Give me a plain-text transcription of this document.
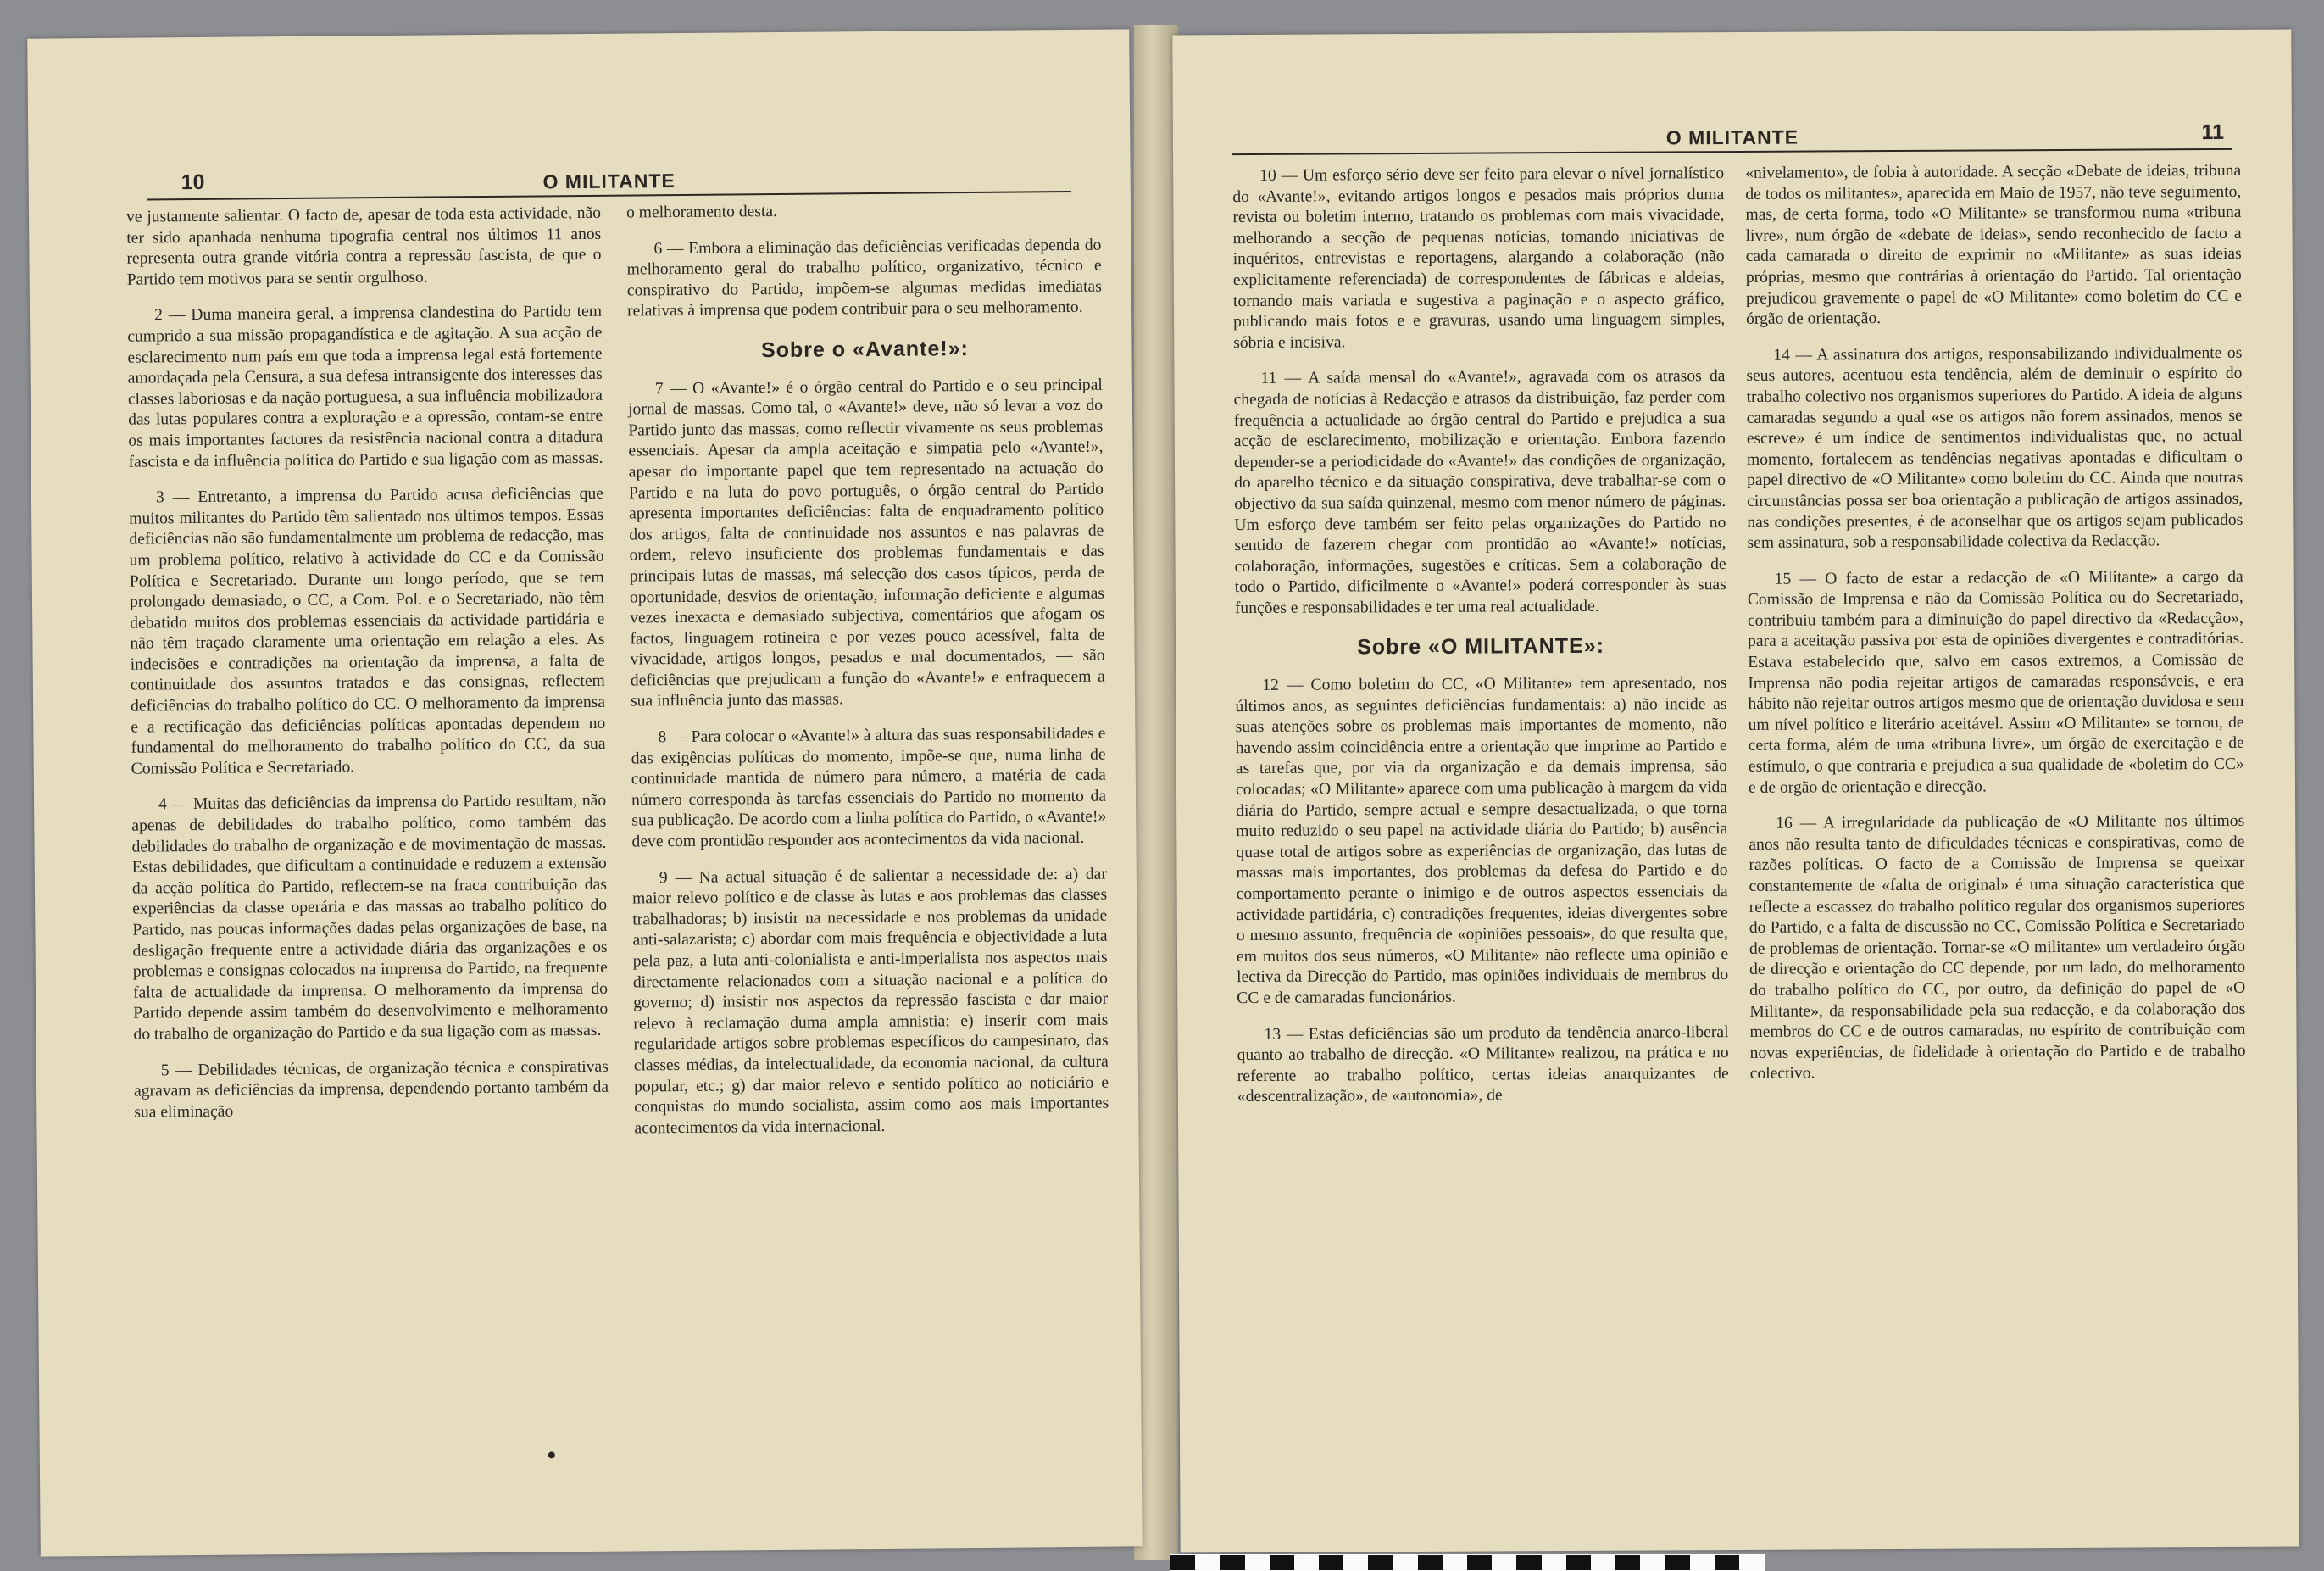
10	O MILITANTE

ve justamente salientar. O facto de, apesar de toda esta actividade, não ter sido apanhada nenhuma tipografia central nos últimos 11 anos representa outra grande vitória contra a repressão fascista, de que o Partido tem motivos para se sentir orgulhoso.

2 — Duma maneira geral, a imprensa clandestina do Partido tem cumprido a sua missão propagandística e de agitação. A sua acção de esclarecimento num país em que toda a imprensa legal está fortemente amordaçada pela Censura, a sua defesa intransigente dos interesses das classes laboriosas e da nação portuguesa, a sua influência mobilizadora das lutas populares contra a exploração e a opressão, contam-se entre os mais importantes factores da resistência nacional contra a ditadura fascista e da influência política do Partido e sua ligação com as massas.

3 — Entretanto, a imprensa do Partido acusa deficiências que muitos militantes do Partido têm salientado nos últimos tempos. Essas deficiências não são fundamentalmente um problema de redacção, mas um problema político, relativo à actividade do CC e da Comissão Política e Secretariado. Durante um longo período, que se tem prolongado demasiado, o CC, a Com. Pol. e o Secretariado, não têm debatido muitos dos problemas essenciais da actividade partidária e não têm traçado claramente uma orientação em relação a eles. As indecisões e contradições na orientação da imprensa, a falta de continuidade dos assuntos tratados e das consignas, reflectem deficiências do trabalho político do CC. O melhoramento da imprensa e a rectificação das deficiências políticas apontadas dependem no fundamental do melhoramento do trabalho político do CC, da sua Comissão Política e Secretariado.

4 — Muitas das deficiências da imprensa do Partido resultam, não apenas de debilidades do trabalho político, como também das debilidades do trabalho de organização e de movimentação de massas. Estas debilidades, que dificultam a continuidade e reduzem a extensão da acção política do Partido, reflectem-se na fraca contribuição das experiências da classe operária e das massas ao trabalho político do Partido, nas poucas informações dadas pelas organizações de base, na desligação frequente entre a actividade diária das organizações e os problemas e consignas colocados na imprensa do Partido, na frequente falta de actualidade da imprensa. O melhoramento da imprensa do Partido depende assim também do desenvolvimento e melhoramento do trabalho de organização do Partido e da sua ligação com as massas.

5 — Debilidades técnicas, de organização técnica e conspirativas agravam as deficiências da imprensa, dependendo portanto também da sua eliminação

o melhoramento desta.

6 — Embora a eliminação das deficiências verificadas dependa do melhoramento geral do trabalho político, organizativo, técnico e conspirativo do Partido, impõem-se algumas medidas imediatas relativas à imprensa que podem contribuir para o seu melhoramento.

Sobre o «Avante!»:

7 — O «Avante!» é o órgão central do Partido e o seu principal jornal de massas. Como tal, o «Avante!» deve, não só levar a voz do Partido junto das massas, como reflectir vivamente os seus problemas essenciais. Apesar da ampla aceitação e simpatia pelo «Avante!», apesar do importante papel que tem representado na actuação do Partido e na luta do povo português, o órgão central do Partido apresenta importantes deficiências: falta de enquadramento político dos artigos, falta de continuidade nos assuntos e nas palavras de ordem, relevo insuficiente dos problemas fundamentais e das principais lutas de massas, má selecção dos casos típicos, perda de oportunidade, desvios de orientação, informação deficiente e algumas vezes inexacta e demasiado subjectiva, comentários que afogam os factos, linguagem rotineira e por vezes pouco acessível, falta de vivacidade, artigos longos, pesados e mal documentados, — são deficiências que prejudicam a função do «Avante!» e enfraquecem a sua influência junto das massas.

8 — Para colocar o «Avante!» à altura das suas responsabilidades e das exigências políticas do momento, impõe-se que, numa linha de continuidade mantida de número para número, a matéria de cada número corresponda às tarefas essenciais do Partido no momento da sua publicação. De acordo com a linha política do Partido, o «Avante!» deve com prontidão responder aos acontecimentos da vida nacional.

9 — Na actual situação é de salientar a necessidade de: a) dar maior relevo político e de classe às lutas e aos problemas das classes trabalhadoras; b) insistir na necessidade e nos problemas da unidade anti-salazarista; c) abordar com mais frequência e objectividade a luta pela paz, a luta anti-colonialista e anti-imperialista nos aspectos mais directamente relacionados com a situação nacional e a política do governo; d) insistir nos aspectos da repressão fascista e dar maior relevo à reclamação duma ampla amnistia; e) inserir com mais regularidade artigos sobre problemas específicos do campesinato, das classes médias, da intelectualidade, da economia nacional, da cultura popular, etc.; g) dar maior relevo e sentido político ao noticiário e conquistas do mundo socialista, assim como aos mais importantes acontecimentos da vida internacional.

O MILITANTE	11

10 — Um esforço sério deve ser feito para elevar o nível jornalístico do «Avante!», evitando artigos longos e pesados mais próprios duma revista ou boletim interno, tratando os problemas com mais vivacidade, melhorando a secção de pequenas notícias, tomando iniciativas de inquéritos, entrevistas e reportagens, alargando a colaboração (não explicitamente referenciada) de correspondentes de fábricas e aldeias, tornando mais variada e sugestiva a paginação e o aspecto gráfico, publicando mais fotos e e gravuras, usando uma linguagem simples, sóbria e incisiva.

11 — A saída mensal do «Avante!», agravada com os atrasos da chegada de notícias à Redacção e atrasos da distribuição, faz perder com frequência a actualidade ao órgão central do Partido e prejudica a sua acção de esclarecimento, mobilização e orientação. Embora fazendo depender-se a periodicidade do «Avante!» das condições de organização, do aparelho técnico e da situação conspirativa, deve trabalhar-se com o objectivo da sua saída quinzenal, mesmo com menor número de páginas. Um esforço deve também ser feito pelas organizações do Partido no sentido de fazerem chegar com prontidão ao «Avante!» notícias, colaboração, informações, sugestões e críticas. Sem a colaboração de todo o Partido, dificilmente o «Avante!» poderá corresponder às suas funções e responsabilidades e ter uma real actualidade.

Sobre «O MILITANTE»:

12 — Como boletim do CC, «O Militante» tem apresentado, nos últimos anos, as seguintes deficiências fundamentais: a) não incide as suas atenções sobre os problemas mais importantes de momento, não havendo assim coincidência entre a orientação que imprime ao Partido e as tarefas que, por via da organização e da demais imprensa, são colocadas; «O Militante» aparece com uma publicação à margem da vida diária do Partido, sempre actual e sempre desactualizada, o que torna muito reduzido o seu papel na actividade diária do Partido; b) ausência quase total de artigos sobre as experiências de organização, das lutas de massas mais importantes, dos problemas da defesa do Partido e do comportamento perante o inimigo e de outros aspectos essenciais da actividade partidária, c) contradições frequentes, ideias divergentes sobre o mesmo assunto, frequência de «opiniões pessoais», do que resulta que, em muitos dos seus números, «O Militante» não reflecte uma opinião e lectiva da Direcção do Partido, mas opiniões individuais de membros do CC e de camaradas funcionários.

13 — Estas deficiências são um produto da tendência anarco-liberal quanto ao trabalho de direcção. «O Militante» realizou, na prática e no referente ao trabalho político, certas ideias anarquizantes de «descentralização», de «autonomia», de

«nivelamento», de fobia à autoridade. A secção «Debate de ideias, tribuna de todos os militantes», aparecida em Maio de 1957, não teve seguimento, mas, de certa forma, todo «O Militante» se transformou numa «tribuna livre», num órgão de «debate de ideias», sendo reconhecido de facto a cada camarada o direito de exprimir no «Militante» as suas ideias próprias, mesmo que contrárias à orientação do Partido. Tal orientação prejudicou gravemente o papel de «O Militante» como boletim do CC e órgão de orientação.

14 — A assinatura dos artigos, responsabilizando individualmente os seus autores, acentuou esta tendência, além de deminuir o espírito do trabalho colectivo nos organismos superiores do Partido. A ideia de alguns camaradas segundo a qual «se os artigos não forem assinados, menos se escreve» é um índice de sentimentos individualistas que, no actual momento, fortalecem as tendências negativas apontadas e dificultam o papel directivo de «O Militante» como boletim do CC. Ainda que noutras circunstâncias possa ser boa orientação a publicação de artigos assinados, nas condições presentes, é de aconselhar que os artigos sejam publicados sem assinatura, sob a responsabilidade colectiva da Redacção.

15 — O facto de estar a redacção de «O Militante» a cargo da Comissão de Imprensa e não da Comissão Política ou do Secretariado, contribuiu também para a diminuição do papel directivo da «Redacção», para a aceitação passiva por esta de opiniões divergentes e contraditórias. Estava estabelecido que, salvo em casos extremos, a Comissão de Imprensa não podia rejeitar artigos de camaradas responsáveis, e era hábito não rejeitar outros artigos mesmo que de orientação duvidosa e sem um nível político e literário aceitável. Assim «O Militante» se tornou, de certa forma, além de uma «tribuna livre», um órgão de exercitação e de estímulo, o que contraria e prejudica a sua qualidade de «boletim do CC» e de orgão de orientação e direcção.

16 — A irregularidade da publicação de «O Militante nos últimos anos não resulta tanto de dificuldades técnicas e conspirativas, como de razões políticas. O facto de a Comissão de Imprensa se queixar constantemente de «falta de original» é uma situação característica que reflecte a escassez do trabalho político regular dos organismos superiores do Partido, e a falta de discussão no CC, Comissão Política e Secretariado de problemas de orientação. Tornar-se «O militante» um verdadeiro órgão de direcção e orientação do CC depende, por um lado, do melhoramento do trabalho político do CC, por outro, da definição do papel de «O Militante», da responsabilidade pela sua redacção, e da colaboração dos membros do CC e de outros camaradas, no espírito de contribuição com novas experiências, de fidelidade à orientação do Partido e de trabalho colectivo.
